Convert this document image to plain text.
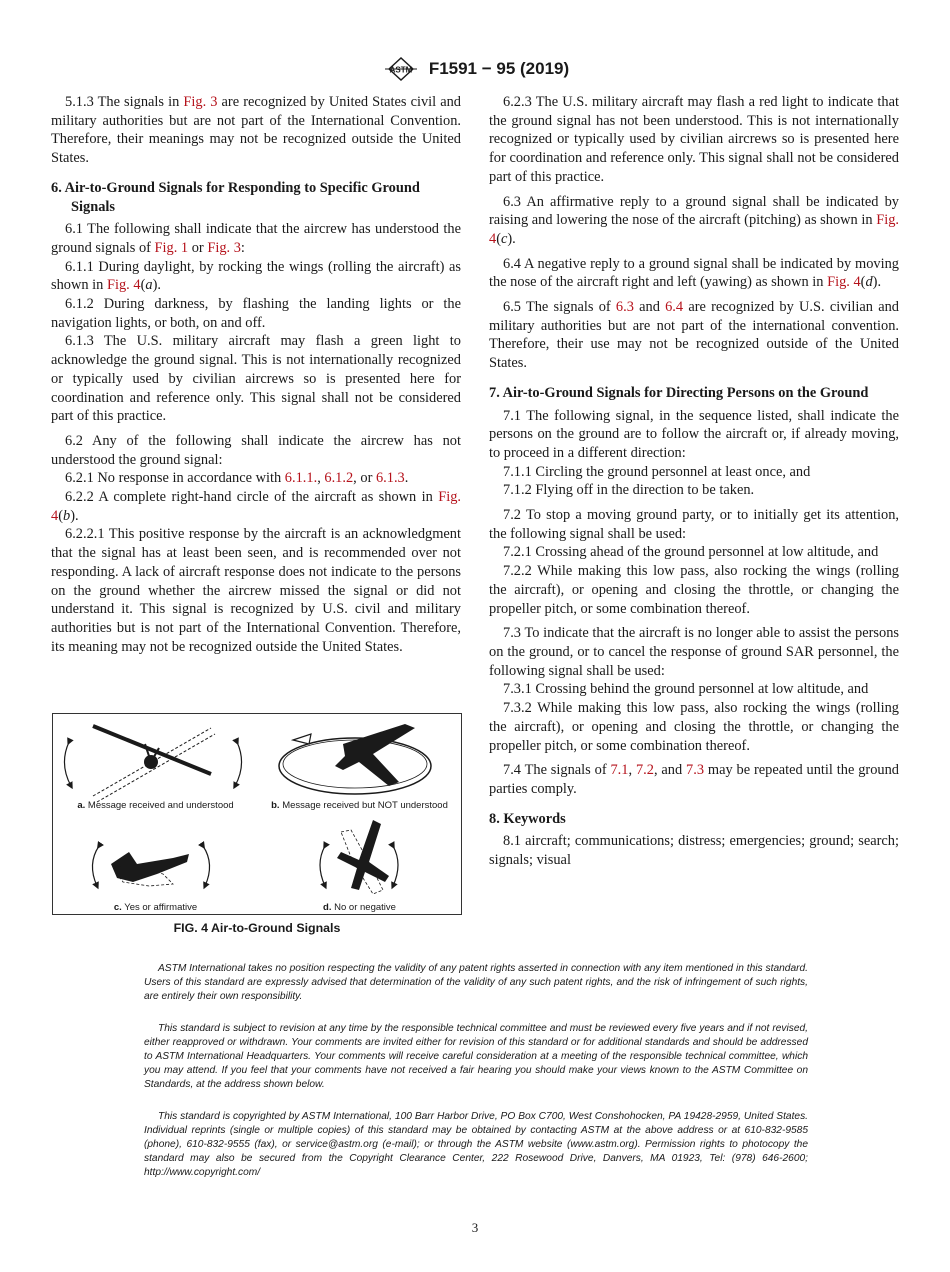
ASTM F1591 − 95 (2019)

5.1.3 The signals in Fig. 3 are recognized by United States civil and military authorities but are not part of the International Convention. Therefore, their meanings may not be recognized outside the United States.

6. Air-to-Ground Signals for Responding to Specific Ground Signals

6.1 The following shall indicate that the aircrew has understood the ground signals of Fig. 1 or Fig. 3:

6.1.1 During daylight, by rocking the wings (rolling the aircraft) as shown in Fig. 4(a).

6.1.2 During darkness, by flashing the landing lights or the navigation lights, or both, on and off.

6.1.3 The U.S. military aircraft may flash a green light to acknowledge the ground signal. This is not internationally recognized or typically used by civilian aircrews so is presented here for coordination and reference only. This signal shall not be considered part of this practice.

6.2 Any of the following shall indicate the aircrew has not understood the ground signal:

6.2.1 No response in accordance with 6.1.1., 6.1.2, or 6.1.3.

6.2.2 A complete right-hand circle of the aircraft as shown in Fig. 4(b).

6.2.2.1 This positive response by the aircraft is an acknowledgment that the signal has at least been seen, and is recommended over not responding. A lack of aircraft response does not indicate to the persons on the ground whether the aircrew missed the signal or did not understand it. This signal is recognized by U.S. civil and military authorities but is not part of the International Convention. Therefore, its meaning may not be recognized outside the United States.

a. Message received and understood	b. Message received but NOT understood
c. Yes or affirmative	d. No or negative
FIG. 4 Air-to-Ground Signals

6.2.3 The U.S. military aircraft may flash a red light to indicate that the ground signal has not been understood. This is not internationally recognized or typically used by civilian aircrews so is presented here for coordination and reference only. This signal shall not be considered part of this practice.

6.3 An affirmative reply to a ground signal shall be indicated by raising and lowering the nose of the aircraft (pitching) as shown in Fig. 4(c).

6.4 A negative reply to a ground signal shall be indicated by moving the nose of the aircraft right and left (yawing) as shown in Fig. 4(d).

6.5 The signals of 6.3 and 6.4 are recognized by U.S. civilian and military authorities but are not part of the international convention. Therefore, their use may not be recognized outside of the United States.

7. Air-to-Ground Signals for Directing Persons on the Ground

7.1 The following signal, in the sequence listed, shall indicate the persons on the ground are to follow the aircraft or, if already moving, to proceed in a different direction:

7.1.1 Circling the ground personnel at least once, and

7.1.2 Flying off in the direction to be taken.

7.2 To stop a moving ground party, or to initially get its attention, the following signal shall be used:

7.2.1 Crossing ahead of the ground personnel at low altitude, and

7.2.2 While making this low pass, also rocking the wings (rolling the aircraft), or opening and closing the throttle, or changing the propeller pitch, or some combination thereof.

7.3 To indicate that the aircraft is no longer able to assist the persons on the ground, or to cancel the response of ground SAR personnel, the following signal shall be used:

7.3.1 Crossing behind the ground personnel at low altitude, and

7.3.2 While making this low pass, also rocking the wings (rolling the aircraft), or opening and closing the throttle, or changing the propeller pitch, or some combination thereof.

7.4 The signals of 7.1, 7.2, and 7.3 may be repeated until the ground parties comply.

8. Keywords

8.1 aircraft; communications; distress; emergencies; ground; search; signals; visual

ASTM International takes no position respecting the validity of any patent rights asserted in connection with any item mentioned in this standard. Users of this standard are expressly advised that determination of the validity of any such patent rights, and the risk of infringement of such rights, are entirely their own responsibility.
This standard is subject to revision at any time by the responsible technical committee and must be reviewed every five years and if not revised, either reapproved or withdrawn. Your comments are invited either for revision of this standard or for additional standards and should be addressed to ASTM International Headquarters. Your comments will receive careful consideration at a meeting of the responsible technical committee, which you may attend. If you feel that your comments have not received a fair hearing you should make your views known to the ASTM Committee on Standards, at the address shown below.
This standard is copyrighted by ASTM International, 100 Barr Harbor Drive, PO Box C700, West Conshohocken, PA 19428-2959, United States. Individual reprints (single or multiple copies) of this standard may be obtained by contacting ASTM at the above address or at 610-832-9585 (phone), 610-832-9555 (fax), or service@astm.org (e-mail); or through the ASTM website (www.astm.org). Permission rights to photocopy the standard may also be secured from the Copyright Clearance Center, 222 Rosewood Drive, Danvers, MA 01923, Tel: (978) 646-2600; http://www.copyright.com/
3
